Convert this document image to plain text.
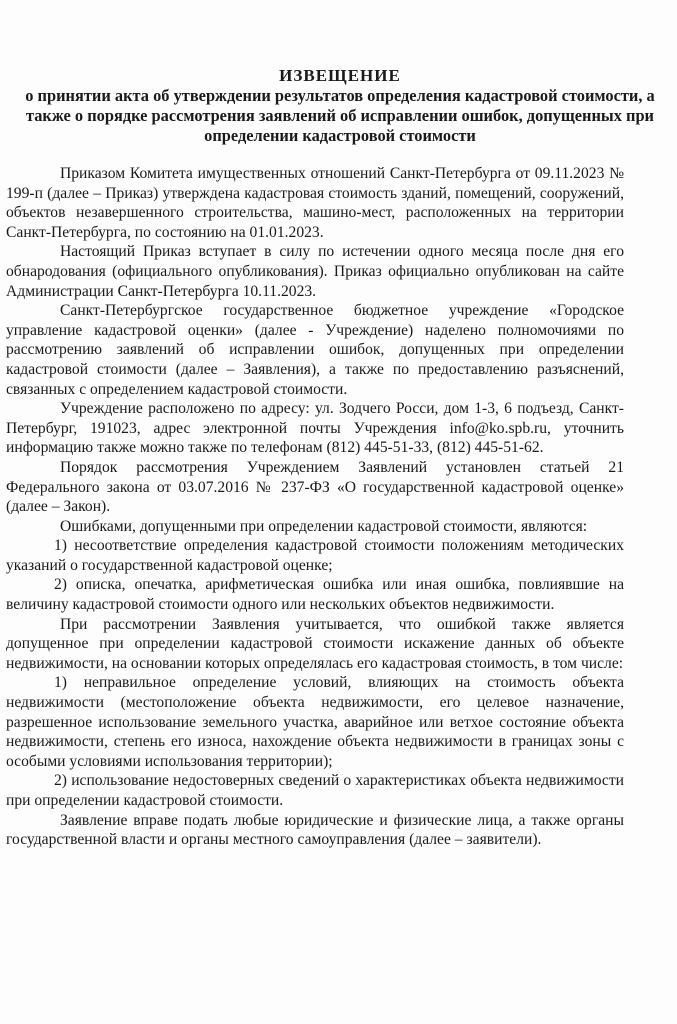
ИЗВЕЩЕНИЕ

о принятии акта об утверждении результатов определения кадастровой стоимости, а также о порядке рассмотрения заявлений об исправлении ошибок, допущенных при определении кадастровой стоимости

Приказом Комитета имущественных отношений Санкт-Петербурга от 09.11.2023 № 199-п (далее – Приказ) утверждена кадастровая стоимость зданий, помещений, сооружений, объектов незавершенного строительства, машино-мест, расположенных на территории Санкт-Петербурга, по состоянию на 01.01.2023.

Настоящий Приказ вступает в силу по истечении одного месяца после дня его обнародования (официального опубликования). Приказ официально опубликован на сайте Администрации Санкт-Петербурга 10.11.2023.

Санкт-Петербургское государственное бюджетное учреждение «Городское управление кадастровой оценки» (далее - Учреждение) наделено полномочиями по рассмотрению заявлений об исправлении ошибок, допущенных при определении кадастровой стоимости (далее – Заявления), а также по предоставлению разъяснений, связанных с определением кадастровой стоимости.

Учреждение расположено по адресу: ул. Зодчего Росси, дом 1-3, 6 подъезд, Санкт-Петербург, 191023, адрес электронной почты Учреждения info@ko.spb.ru, уточнить информацию также можно также по телефонам (812) 445-51-33, (812) 445-51-62.

Порядок рассмотрения Учреждением Заявлений установлен статьей 21 Федерального закона от 03.07.2016 № 237-ФЗ «О государственной кадастровой оценке» (далее – Закон).

Ошибками, допущенными при определении кадастровой стоимости, являются:

1) несоответствие определения кадастровой стоимости положениям методических указаний о государственной кадастровой оценке;

2) описка, опечатка, арифметическая ошибка или иная ошибка, повлиявшие на величину кадастровой стоимости одного или нескольких объектов недвижимости.

При рассмотрении Заявления учитывается, что ошибкой также является допущенное при определении кадастровой стоимости искажение данных об объекте недвижимости, на основании которых определялась его кадастровая стоимость, в том числе:

1) неправильное определение условий, влияющих на стоимость объекта недвижимости (местоположение объекта недвижимости, его целевое назначение, разрешенное использование земельного участка, аварийное или ветхое состояние объекта недвижимости, степень его износа, нахождение объекта недвижимости в границах зоны с особыми условиями использования территории);

2) использование недостоверных сведений о характеристиках объекта недвижимости при определении кадастровой стоимости.

Заявление вправе подать любые юридические и физические лица, а также органы государственной власти и органы местного самоуправления (далее – заявители).
